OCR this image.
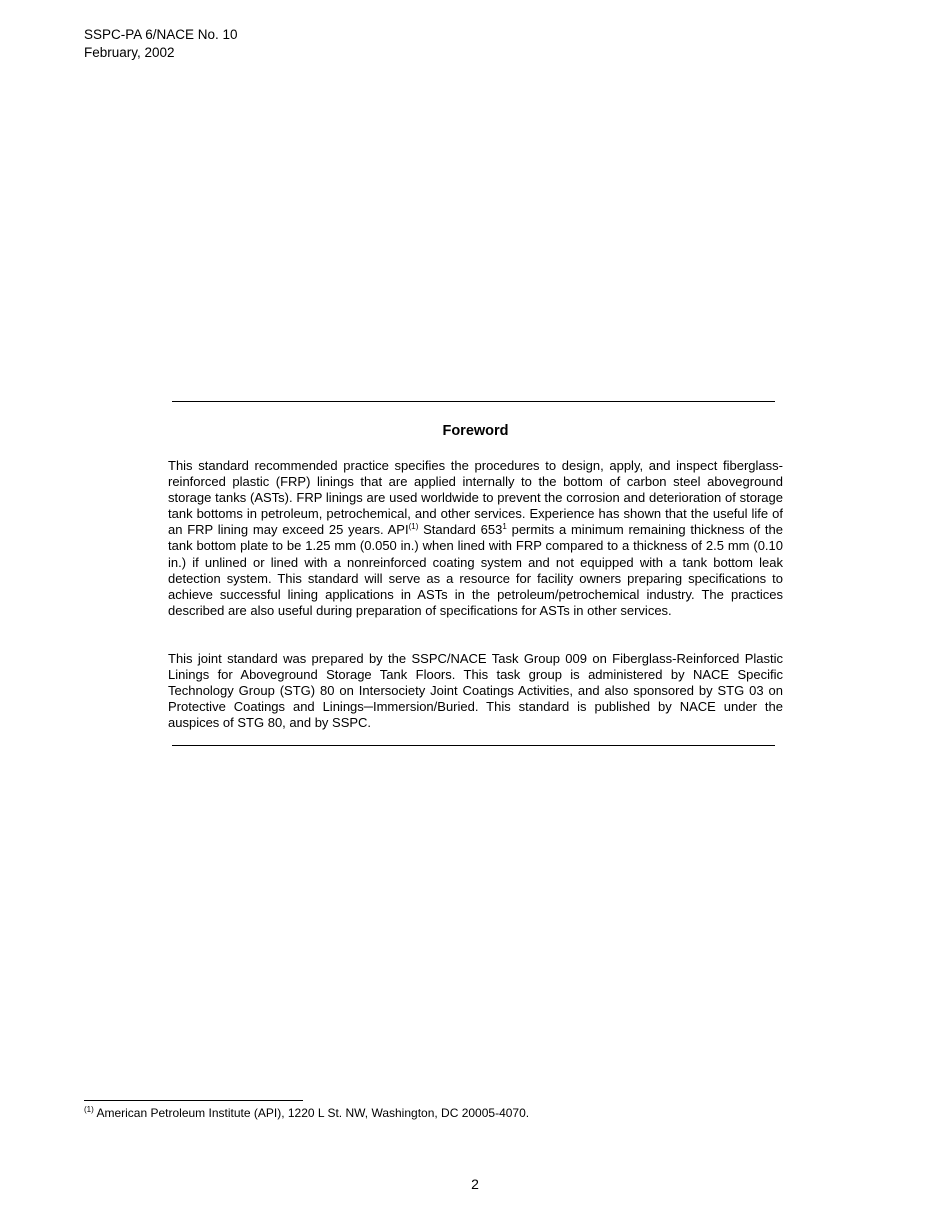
SSPC-PA 6/NACE No. 10
February, 2002
Foreword

This standard recommended practice specifies the procedures to design, apply, and inspect fiberglass-reinforced plastic (FRP) linings that are applied internally to the bottom of carbon steel aboveground storage tanks (ASTs). FRP linings are used worldwide to prevent the corrosion and deterioration of storage tank bottoms in petroleum, petrochemical, and other services. Experience has shown that the useful life of an FRP lining may exceed 25 years. API$^{(1)}$ Standard $653^1$ permits a minimum remaining thickness of the tank bottom plate to be 1.25 mm (0.050 in.) when lined with FRP compared to a thickness of 2.5 mm (0.10 in.) if unlined or lined with a nonreinforced coating system and not equipped with a tank bottom leak detection system. This standard will serve as a resource for facility owners preparing specifications to achieve successful lining applications in ASTs in the petroleum/petrochemical industry. The practices described are also useful during preparation of specifications for ASTs in other services.

This joint standard was prepared by the SSPC/NACE Task Group 009 on Fiberglass-Reinforced Plastic Linings for Aboveground Storage Tank Floors. This task group is administered by NACE Specific Technology Group (STG) 80 on Intersociety Joint Coatings Activities, and also sponsored by STG 03 on Protective Coatings and Linings─Immersion/Buried. This standard is published by NACE under the auspices of STG 80, and by SSPC.

$^{(1)}$ American Petroleum Institute (API), 1220 L St. NW, Washington, DC 20005-4070.
2
